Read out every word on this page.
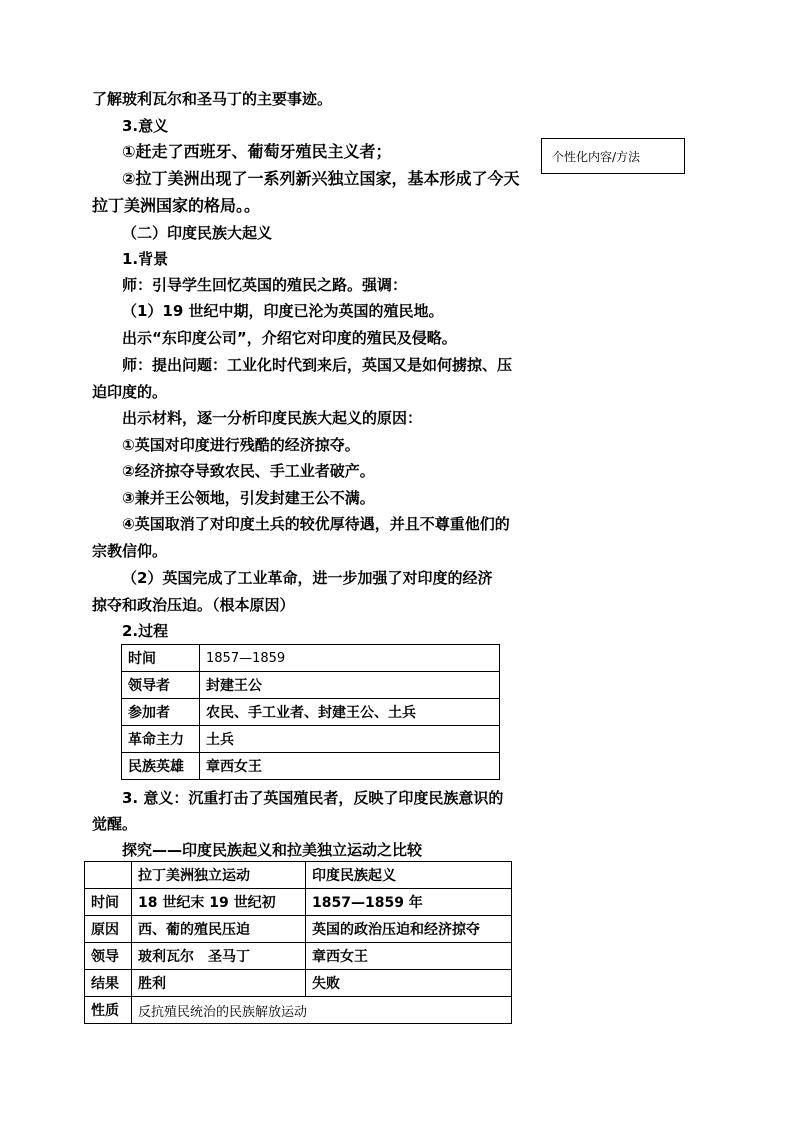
了解玻利瓦尔和圣马丁的主要事迹。
3.意义
①赶走了西班牙、葡萄牙殖民主义者；
②拉丁美洲出现了一系列新兴独立国家，基本形成了今天
拉丁美洲国家的格局。。
（二）印度民族大起义
1.背景
师：引导学生回忆英国的殖民之路。强调：
（1）19 世纪中期，印度已沦为英国的殖民地。
出示“东印度公司”，介绍它对印度的殖民及侵略。
师：提出问题：工业化时代到来后，英国又是如何掳掠、压
迫印度的。
出示材料，逐一分析印度民族大起义的原因：
①英国对印度进行残酷的经济掠夺。
②经济掠夺导致农民、手工业者破产。
③兼并王公领地，引发封建王公不满。
④英国取消了对印度土兵的较优厚待遇，并且不尊重他们的
宗教信仰。
（2）英国完成了工业革命，进一步加强了对印度的经济
掠夺和政治压迫。（根本原因）
2.过程
个性化内容/方法
时间	1857—1859
领导者	封建王公
参加者	农民、手工业者、封建王公、土兵
革命主力	土兵
民族英雄	章西女王
3. 意义：沉重打击了英国殖民者，反映了印度民族意识的
觉醒。
探究——印度民族起义和拉美独立运动之比较
	拉丁美洲独立运动	印度民族起义
时间	18 世纪末 19 世纪初	1857—1859 年
原因	西、葡的殖民压迫	英国的政治压迫和经济掠夺
领导	玻利瓦尔　圣马丁	章西女王
结果	胜利	失败
性质	反抗殖民统治的民族解放运动	
